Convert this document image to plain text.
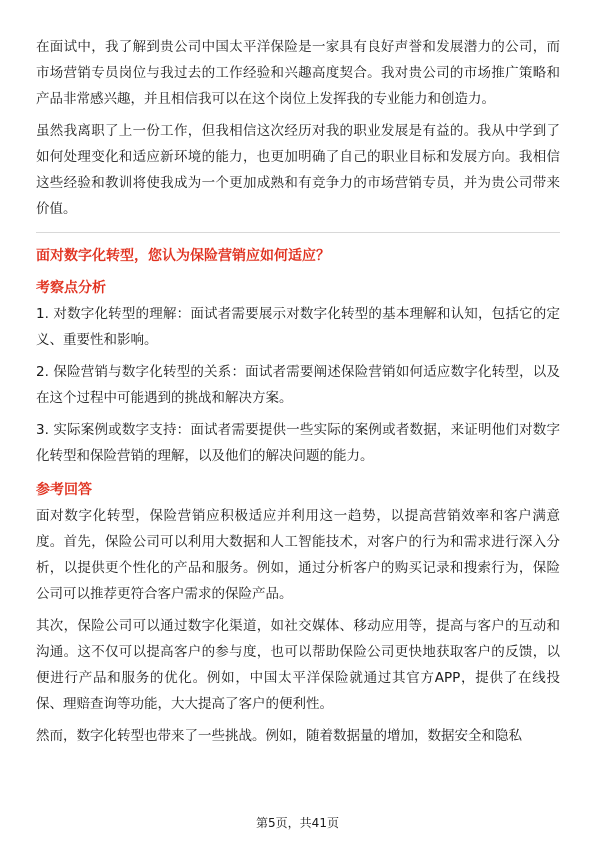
在面试中，我了解到贵公司中国太平洋保险是一家具有良好声誉和发展潜力的公司，而市场营销专员岗位与我过去的工作经验和兴趣高度契合。我对贵公司的市场推广策略和产品非常感兴趣，并且相信我可以在这个岗位上发挥我的专业能力和创造力。

虽然我离职了上一份工作，但我相信这次经历对我的职业发展是有益的。我从中学到了如何处理变化和适应新环境的能力，也更加明确了自己的职业目标和发展方向。我相信这些经验和教训将使我成为一个更加成熟和有竞争力的市场营销专员，并为贵公司带来价值。

面对数字化转型，您认为保险营销应如何适应？
考察点分析

1. 对数字化转型的理解：面试者需要展示对数字化转型的基本理解和认知，包括它的定义、重要性和影响。

2. 保险营销与数字化转型的关系：面试者需要阐述保险营销如何适应数字化转型，以及在这个过程中可能遇到的挑战和解决方案。

3. 实际案例或数字支持：面试者需要提供一些实际的案例或者数据，来证明他们对数字化转型和保险营销的理解，以及他们的解决问题的能力。

参考回答

面对数字化转型，保险营销应积极适应并利用这一趋势，以提高营销效率和客户满意度。首先，保险公司可以利用大数据和人工智能技术，对客户的行为和需求进行深入分析，以提供更个性化的产品和服务。例如，通过分析客户的购买记录和搜索行为，保险公司可以推荐更符合客户需求的保险产品。

其次，保险公司可以通过数字化渠道，如社交媒体、移动应用等，提高与客户的互动和沟通。这不仅可以提高客户的参与度，也可以帮助保险公司更快地获取客户的反馈，以便进行产品和服务的优化。例如，中国太平洋保险就通过其官方APP，提供了在线投保、理赔查询等功能，大大提高了客户的便利性。

然而，数字化转型也带来了一些挑战。例如，随着数据量的增加，数据安全和隐私

第5页，共41页
